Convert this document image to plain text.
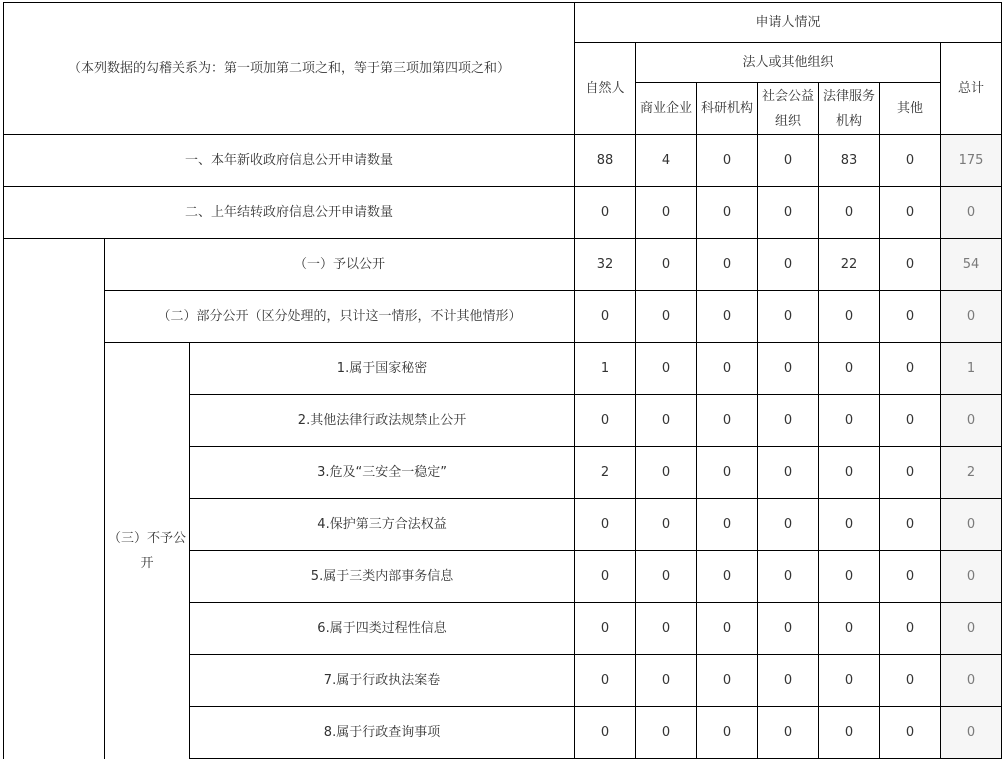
（本列数据的勾稽关系为：第一项加第二项之和，等于第三项加第四项之和）			申请人情况						
			自然人	法人或其他组织					总计
				商业企业	科研机构	社会公益组织	法律服务机构	其他	
一、本年新收政府信息公开申请数量			88	4	0	0	83	0	175
二、上年结转政府信息公开申请数量			0	0	0	0	0	0	0
	（一）予以公开		32	0	0	0	22	0	54
	（二）部分公开（区分处理的，只计这一情形，不计其他情形）		0	0	0	0	0	0	0
	（三）不予公开	1.属于国家秘密	1	0	0	0	0	0	1
		2.其他法律行政法规禁止公开	0	0	0	0	0	0	0
		3.危及“三安全一稳定”	2	0	0	0	0	0	2
		4.保护第三方合法权益	0	0	0	0	0	0	0
		5.属于三类内部事务信息	0	0	0	0	0	0	0
		6.属于四类过程性信息	0	0	0	0	0	0	0
		7.属于行政执法案卷	0	0	0	0	0	0	0
		8.属于行政查询事项	0	0	0	0	0	0	0
